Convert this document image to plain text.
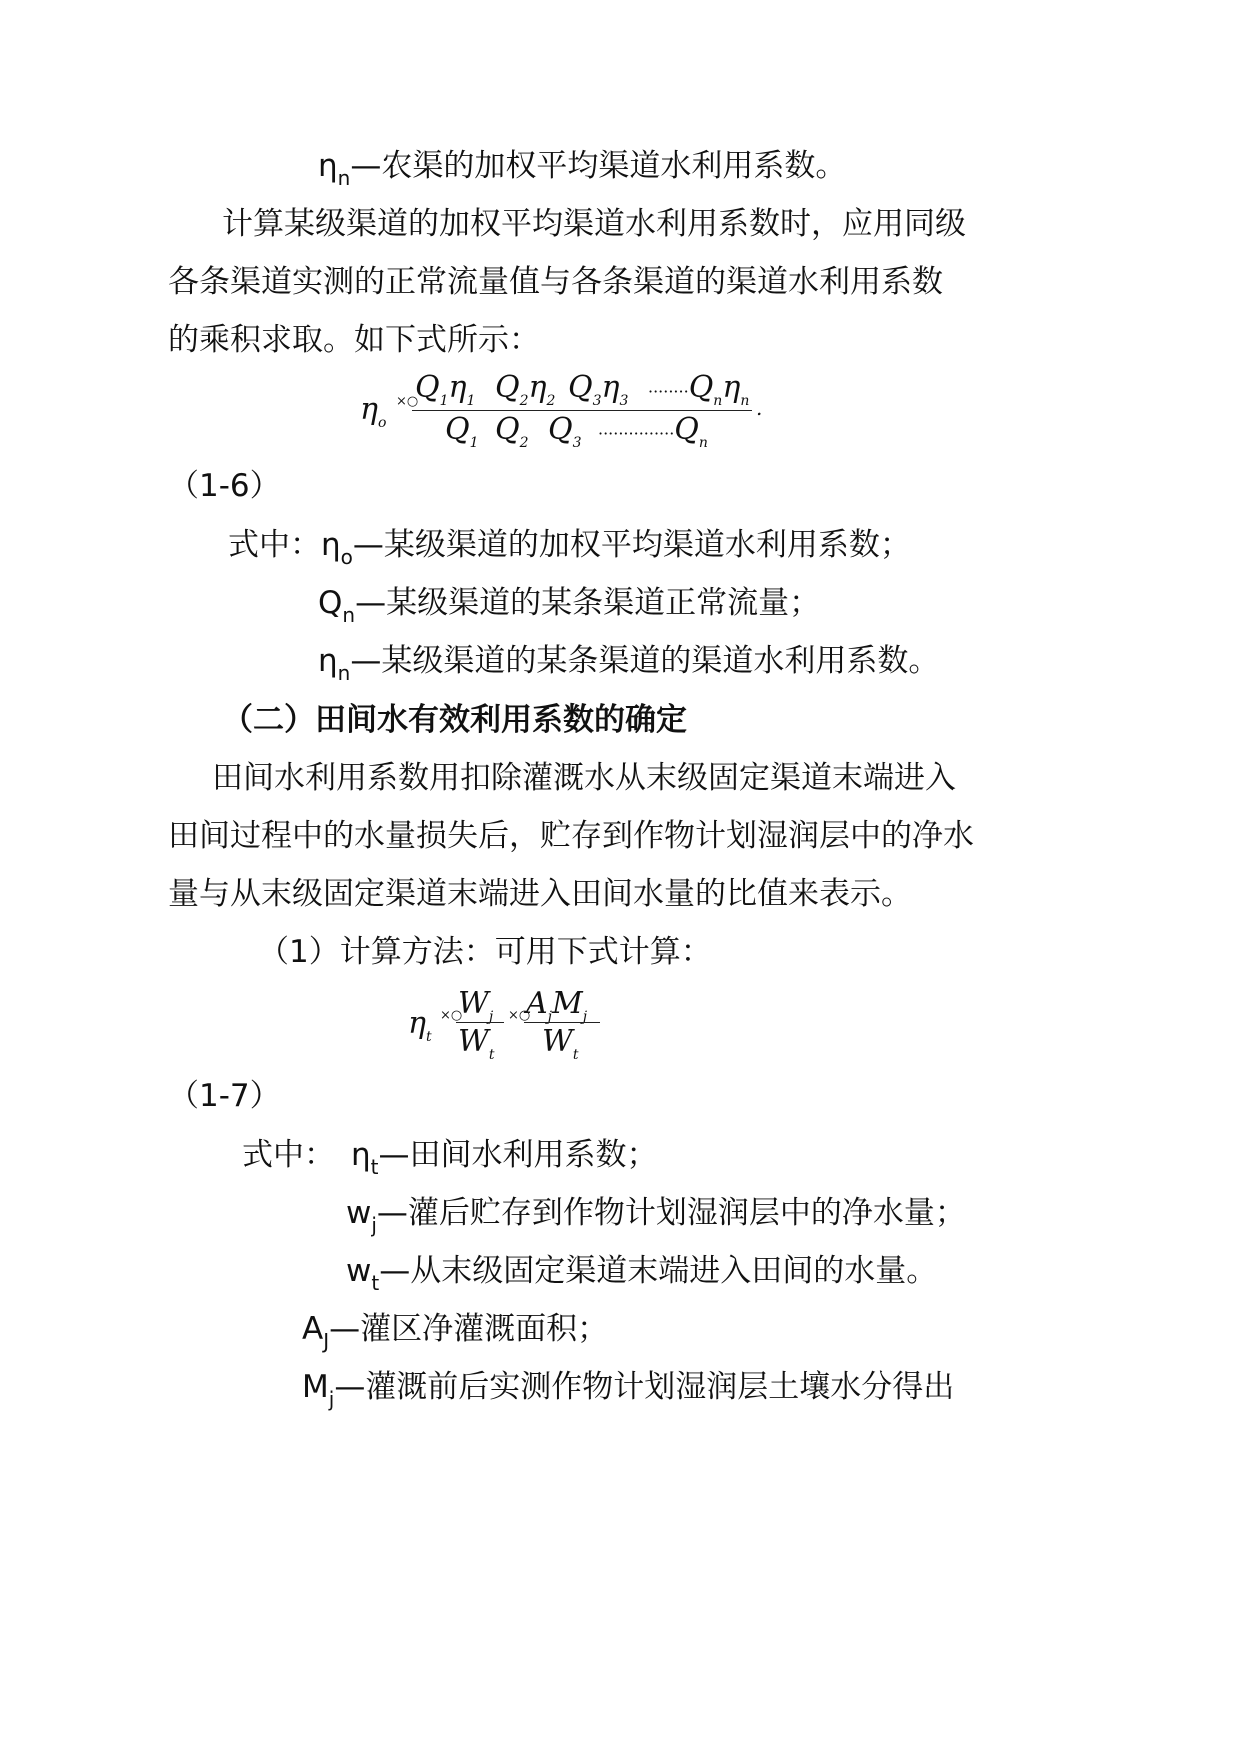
$\eta_n—$农渠的加权平均渠道水利用系数。
计算某级渠道的加权平均渠道水利用系数时，应用同级
各条渠道实测的正常流量值与各条渠道的渠道水利用系数
的乘积求取。如下式所示：
$\eta_o$
×○
$Q_1\eta_1$ $Q_2\eta_2$ $Q_3\eta_3 \cdot\cdot\cdot\cdot\cdot\cdot\cdot\cdot Q_n\eta_n$ .
$Q_1$ $Q_2$ $Q_3 \cdot\cdot\cdot\cdot\cdot\cdot\cdot\cdot\cdot\cdot\cdot\cdot\cdot\cdot\cdot Q_n$
（1-6）
式中：$\eta_o—$某级渠道的加权平均渠道水利用系数；
$Q_n—$某级渠道的某条渠道正常流量；
$\eta_n—$某级渠道的某条渠道的渠道水利用系数。
（二）田间水有效利用系数的确定
田间水利用系数用扣除灌溉水从末级固定渠道末端进入
田间过程中的水量损失后，贮存到作物计划湿润层中的净水
量与从末级固定渠道末端进入田间水量的比值来表示。
（1）计算方法：可用下式计算：
$\eta_t$
×○
$W_j$
$W_t$
×○
$A_jM_j$
$W_t$
（1-7）
式中： $\eta_t—$田间水利用系数；
$w_j—$灌后贮存到作物计划湿润层中的净水量；
$w_t—$从末级固定渠道末端进入田间的水量。
$A_J—$灌区净灌溉面积；
$M_j—$灌溉前后实测作物计划湿润层土壤水分得出
